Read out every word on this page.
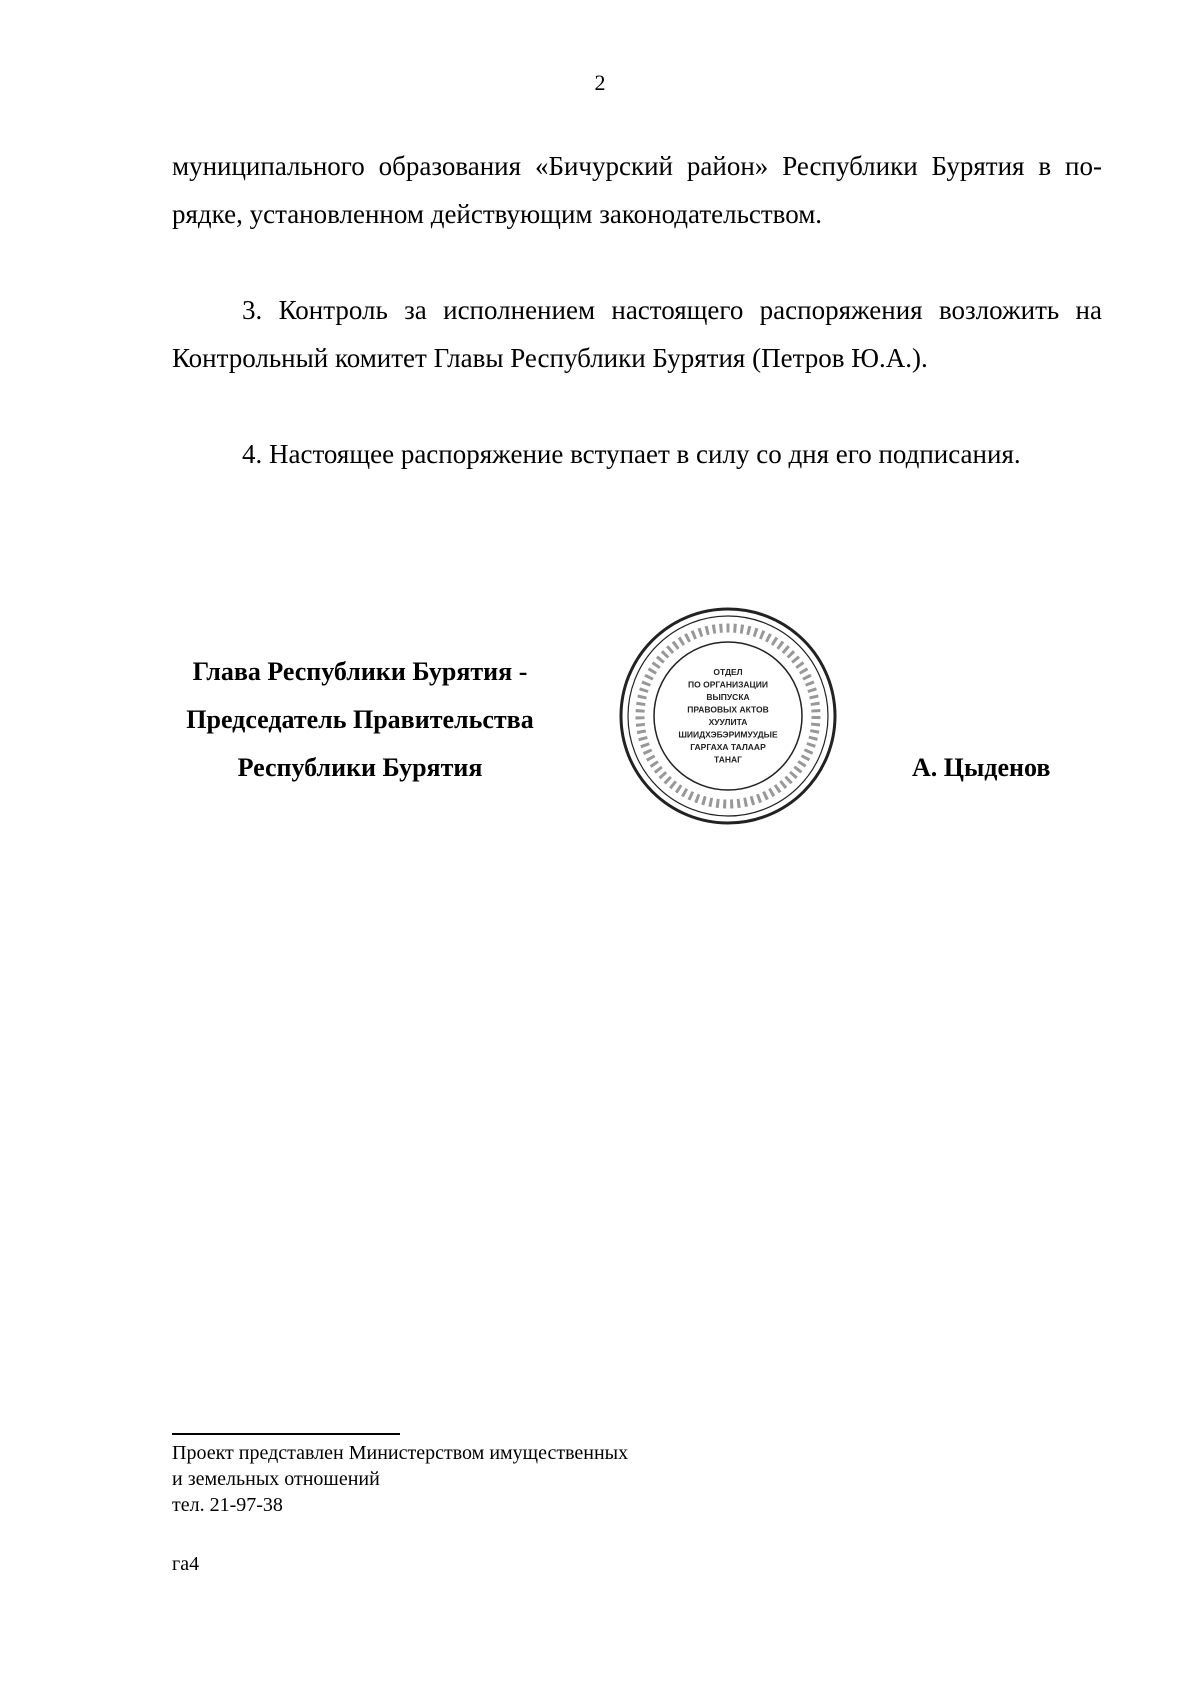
2

муниципального образования «Бичурский район» Республики Бурятия в по-

рядке, установленном действующим законодательством.

3. Контроль за исполнением настоящего распоряжения возложить на

Контрольный комитет Главы Республики Бурятия (Петров Ю.А.).

4. Настоящее распоряжение вступает в силу со дня его подписания.

Глава Республики Бурятия -
Председатель Правительства
Республики Бурятия
ОТДЕЛ
ПО ОРГАНИЗАЦИИ
ВЫПУСКА
ПРАВОВЫХ АКТОВ
ХУУЛИТА
ШИИДХЭБЭРИМУУДЫЕ
ГАРГАХА ТАЛААР
ТАНАГ	А. Цыденов
Проект представлен Министерством имущественных
и земельных отношений
тел. 21-97-38
га4
